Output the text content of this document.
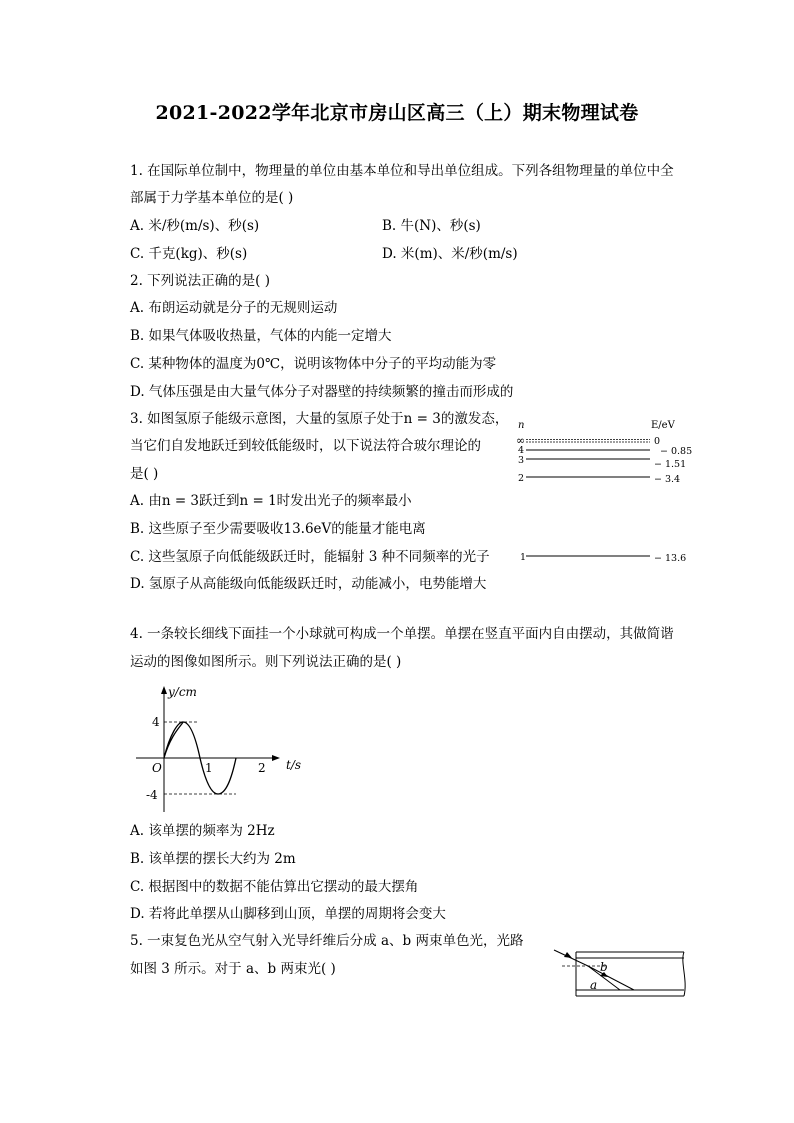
2021-2022学年北京市房山区高三（上）期末物理试卷
1. 在国际单位制中，物理量的单位由基本单位和导出单位组成。下列各组物理量的单位中全
部属于力学基本单位的是( )
A. 米/秒(m/s)、秒(s)	B. 牛(N)、秒(s)
C. 千克(kg)、秒(s)	D. 米(m)、米/秒(m/s)
2. 下列说法正确的是( )
A. 布朗运动就是分子的无规则运动
B. 如果气体吸收热量，气体的内能一定增大
C. 某种物体的温度为0℃，说明该物体中分子的平均动能为零
D. 气体压强是由大量气体分子对器壁的持续频繁的撞击而形成的
3. 如图氢原子能级示意图，大量的氢原子处于n = 3的激发态，
当它们自发地跃迁到较低能级时，以下说法符合玻尔理论的
是( )
A. 由n = 3跃迁到n = 1时发出光子的频率最小
B. 这些原子至少需要吸收13.6eV的能量才能电离
C. 这些氢原子向低能级跃迁时，能辐射 3 种不同频率的光子
D. 氢原子从高能级向低能级跃迁时，动能减小，电势能增大
n	E/eV
∞
4
3
2
1
0
− 0.85
− 1.51
− 3.4
− 13.6
4. 一条较长细线下面挂一个小球就可构成一个单摆。单摆在竖直平面内自由摆动，其做简谐
运动的图像如图所示。则下列说法正确的是( )
y/cm
t/s
O
4
-4
1	2
A. 该单摆的频率为 2Hz
B. 该单摆的摆长大约为 2m
C. 根据图中的数据不能估算出它摆动的最大摆角
D. 若将此单摆从山脚移到山顶，单摆的周期将会变大
5. 一束复色光从空气射入光导纤维后分成 a、b 两束单色光，光路
如图 3 所示。对于 a、b 两束光( )	b
a
